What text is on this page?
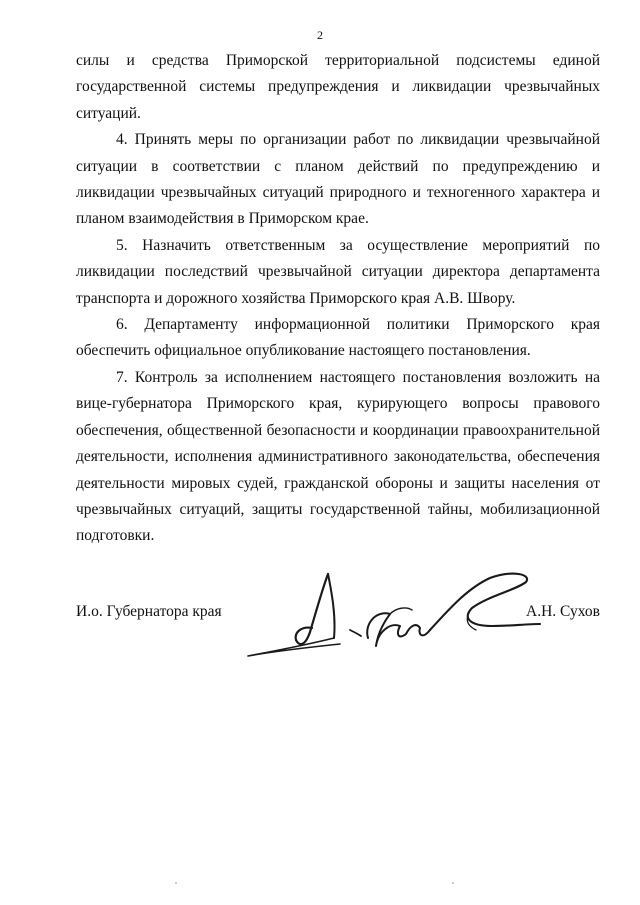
2

силы и средства Приморской территориальной подсистемы единой государственной системы предупреждения и ликвидации чрезвычайных ситуаций.

4. Принять меры по организации работ по ликвидации чрезвычайной ситуации в соответствии с планом действий по предупреждению и ликвидации чрезвычайных ситуаций природного и техногенного характера и планом взаимодействия в Приморском крае.

5. Назначить ответственным за осуществление мероприятий по ликвидации последствий чрезвычайной ситуации директора департамента транспорта и дорожного хозяйства Приморского края А.В. Швору.

6. Департаменту информационной политики Приморского края обеспечить официальное опубликование настоящего постановления.

7. Контроль за исполнением настоящего постановления возложить на вице-губернатора Приморского края, курирующего вопросы правового обеспечения, общественной безопасности и координации правоохранительной деятельности, исполнения административного законодательства, обеспечения деятельности мировых судей, гражданской обороны и защиты населения от чрезвычайных ситуаций, защиты государственной тайны, мобилизационной подготовки.

И.о. Губернатора края	А.Н. Сухов
